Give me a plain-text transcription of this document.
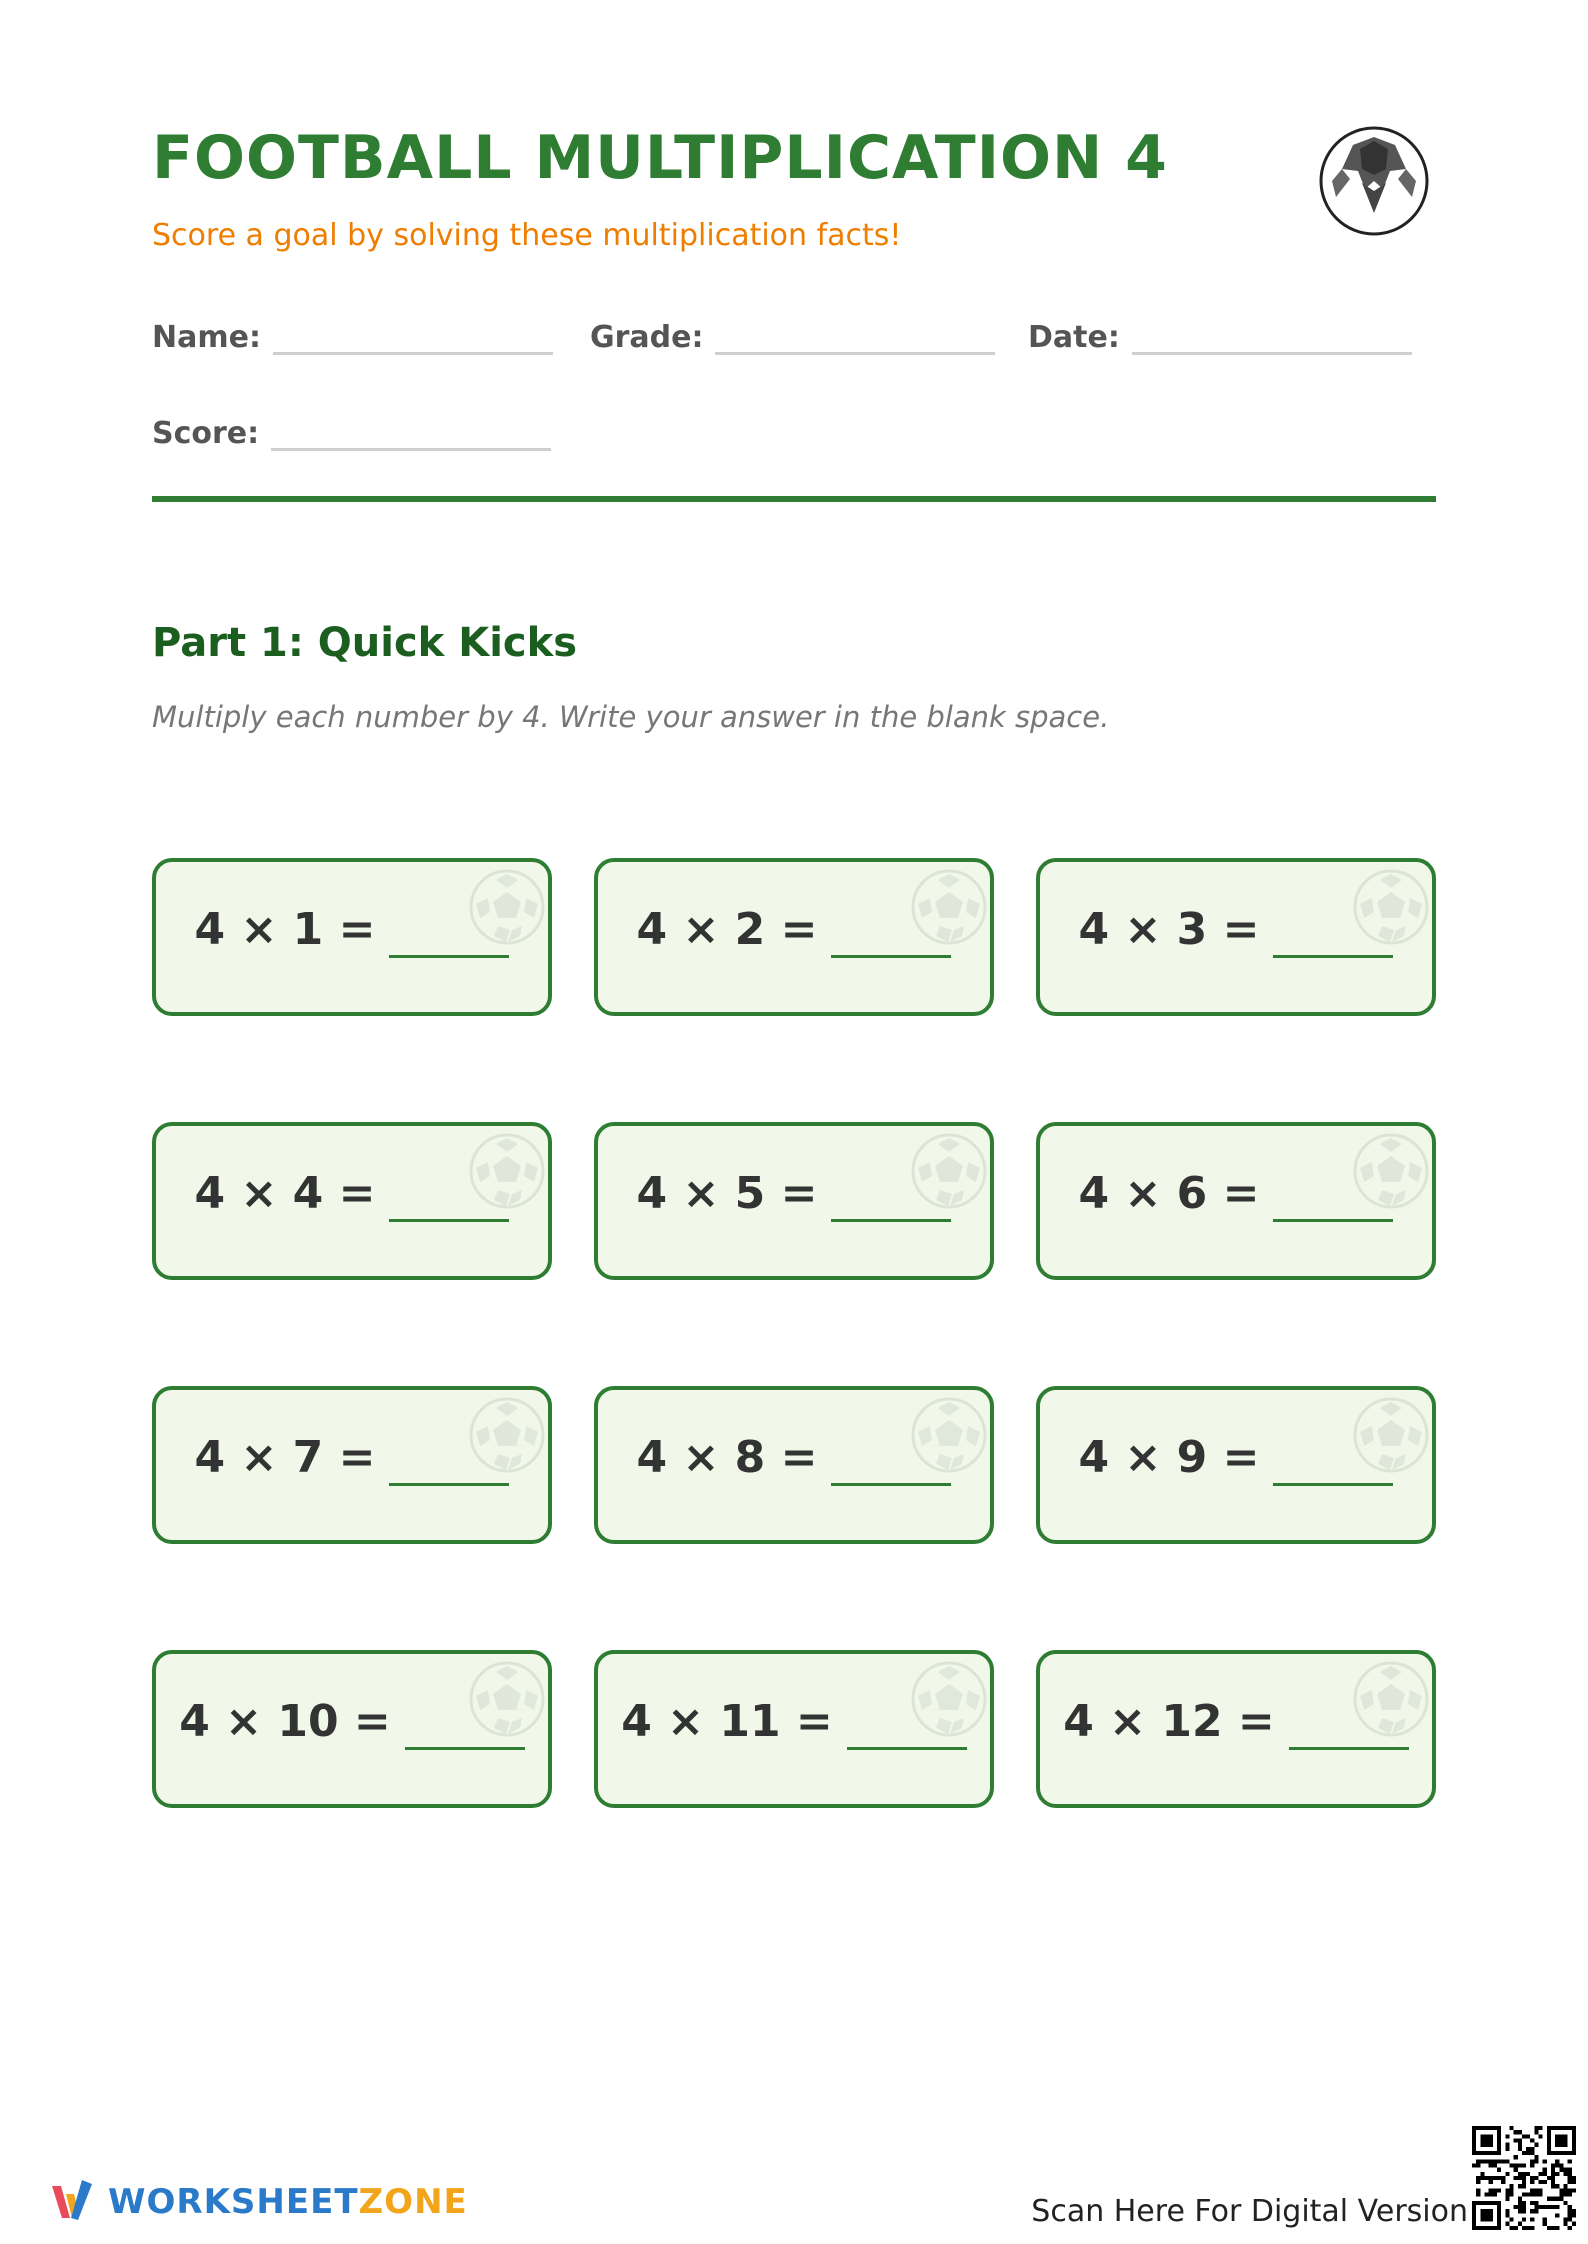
FOOTBALL MULTIPLICATION 4
Score a goal by solving these multiplication facts!
Name:	Grade:	Date:
Score:
Part 1: Quick Kicks
Multiply each number by 4. Write your answer in the blank space.
4 × 1 =	4 × 2 =	4 × 3 =
4 × 4 =	4 × 5 =	4 × 6 =
4 × 7 =	4 × 8 =	4 × 9 =
4 × 10 =	4 × 11 =	4 × 12 =
WORKSHEETZONE	Scan Here For Digital Version
